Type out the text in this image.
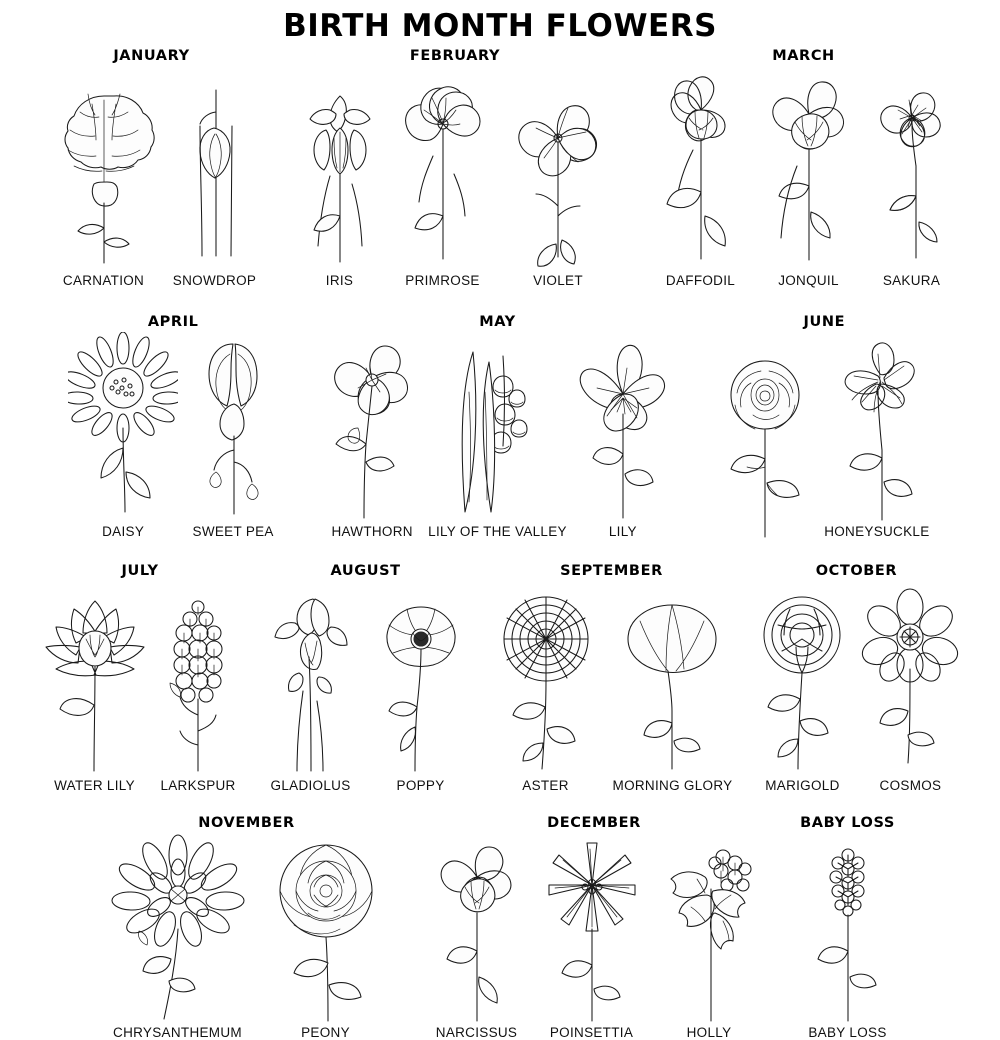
BIRTH MONTH FLOWERS
JANUARY
CARNATION SNOWDROP
FEBRUARY
IRIS	PRIMROSE	VIOLET
MARCH
DAFFODIL	JONQUIL	SAKURA
APRIL
DAISY	SWEET PEA
MAY
HAWTHORN LILY OF THE VALLEY	LILY
JUNE
HONEYSUCKLE
JULY
WATER LILY LARKSPUR
AUGUST
GLADIOLUS	POPPY
SEPTEMBER
ASTER	MORNING GLORY
OCTOBER
MARIGOLD	COSMOS
NOVEMBER
CHRYSANTHEMUM	PEONY
DECEMBER
NARCISSUS POINSETTIA	HOLLY
BABY LOSS
BABY LOSS
